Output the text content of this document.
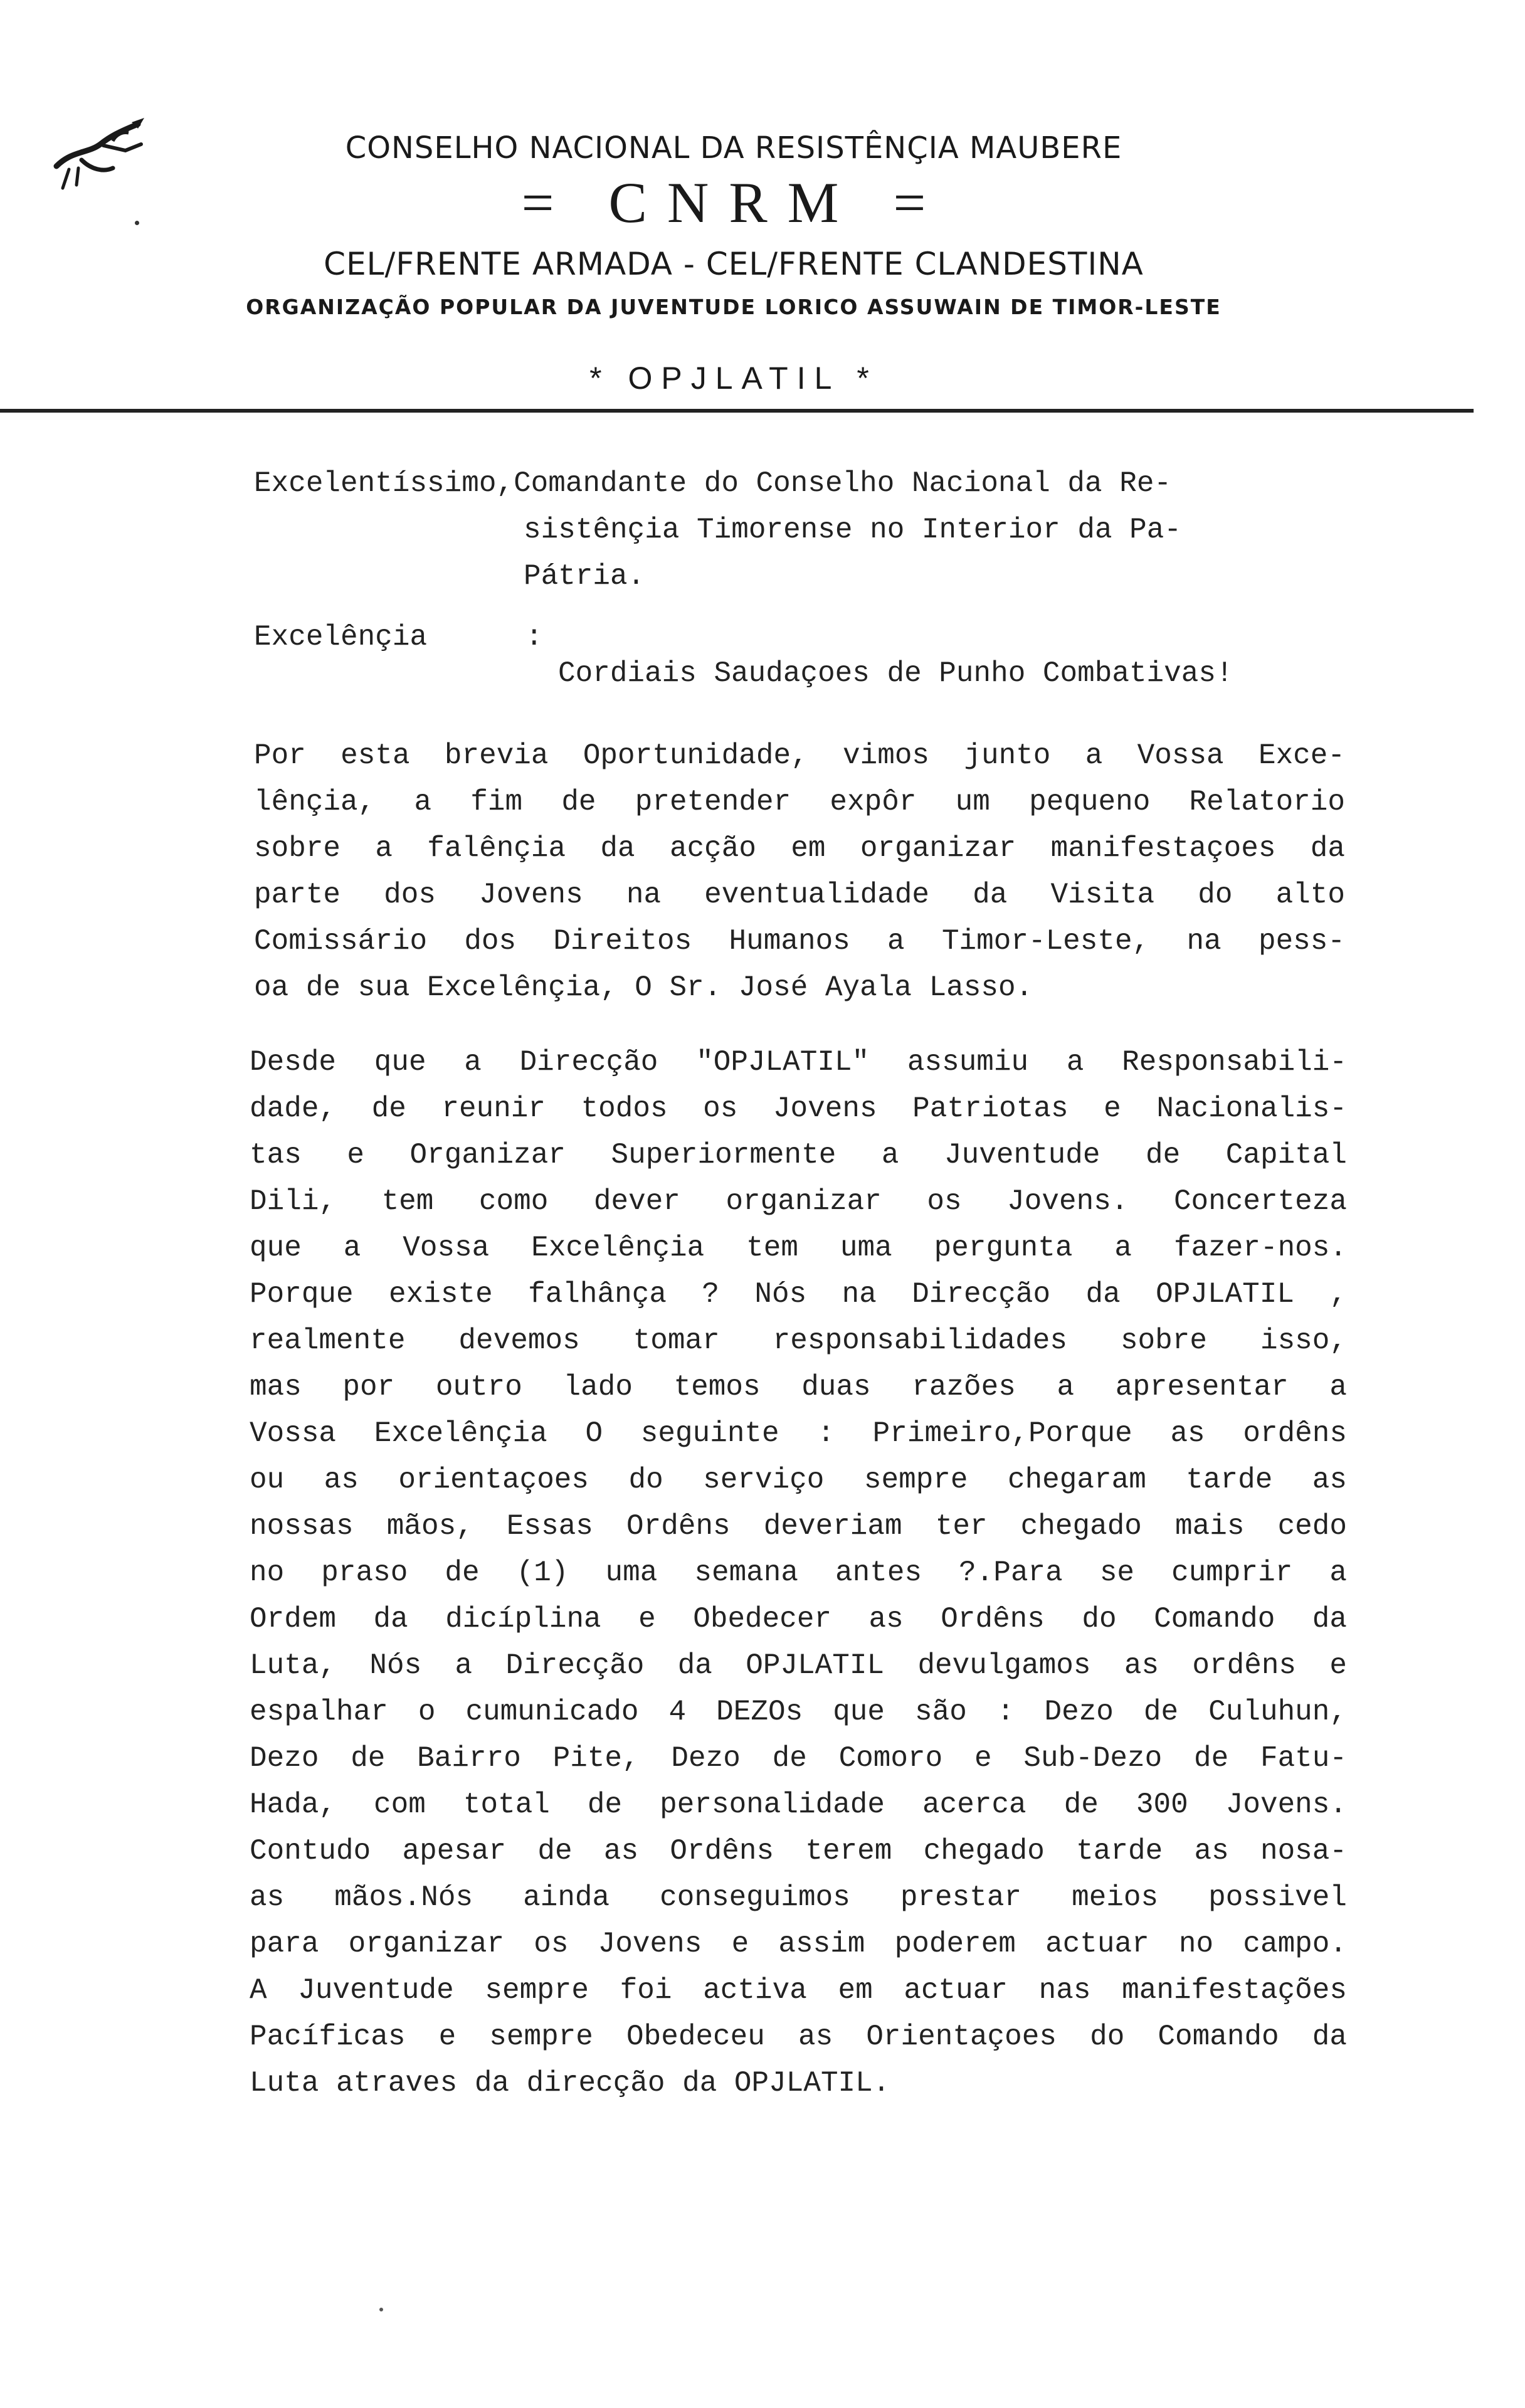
CONSELHO NACIONAL DA RESISTÊNÇIA MAUBERE
= CNRM =
CEL/FRENTE ARMADA - CEL/FRENTE CLANDESTINA
ORGANIZAÇÃO POPULAR DA JUVENTUDE LORICO ASSUWAIN DE TIMOR-LESTE
* OPJLATIL *
Excelentíssimo,Comandante do Conselho Nacional da Re-
sistênçia Timorense no Interior da Pa-
Pátria.
Excelênçia	:
Cordiais Saudaçoes de Punho Combativas!
Por esta brevia Oportunidade, vimos junto a Vossa Exce-
lênçia, a fim de pretender expôr um pequeno Relatorio
sobre a falênçia da acção em organizar manifestaçoes da
parte dos Jovens na eventualidade da Visita do alto
Comissário dos Direitos Humanos a Timor-Leste, na pess-
oa de sua Excelênçia, O Sr. José Ayala Lasso.
Desde que a Direcção "OPJLATIL" assumiu a Responsabili-
dade, de reunir todos os Jovens Patriotas e Nacionalis-
tas e Organizar Superiormente a Juventude de Capital
Dili, tem como dever organizar os Jovens. Concerteza
que a Vossa Excelênçia tem uma pergunta a fazer-nos.
Porque existe falhânça ? Nós na Direcção da OPJLATIL ,
realmente devemos tomar responsabilidades sobre isso,
mas por outro lado temos duas razões a apresentar a
Vossa Excelênçia O seguinte : Primeiro,Porque as ordêns
ou as orientaçoes do serviço sempre chegaram tarde as
nossas mãos, Essas Ordêns deveriam ter chegado mais cedo
no praso de (1) uma semana antes ?.Para se cumprir a
Ordem da dicíplina e Obedecer as Ordêns do Comando da
Luta, Nós a Direcção da OPJLATIL devulgamos as ordêns e
espalhar o cumunicado 4 DEZOs que são : Dezo de Culuhun,
Dezo de Bairro Pite, Dezo de Comoro e Sub-Dezo de Fatu-
Hada, com total de personalidade acerca de 300 Jovens.
Contudo apesar de as Ordêns terem chegado tarde as nosa-
as mãos.Nós ainda conseguimos prestar meios possivel
para organizar os Jovens e assim poderem actuar no campo.
A Juventude sempre foi activa em actuar nas manifestações
Pacíficas e sempre Obedeceu as Orientaçoes do Comando da
Luta atraves da direcção da OPJLATIL.
